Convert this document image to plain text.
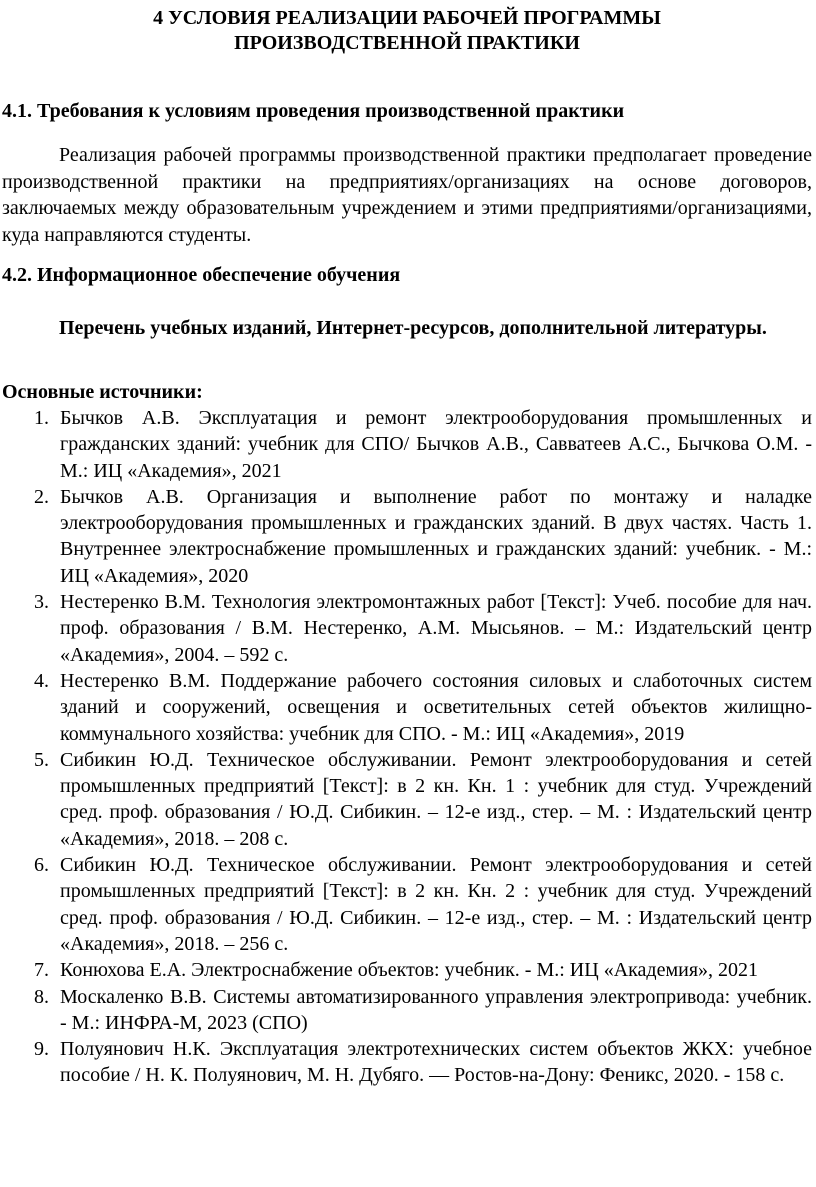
4 УСЛОВИЯ РЕАЛИЗАЦИИ РАБОЧЕЙ ПРОГРАММЫ
ПРОИЗВОДСТВЕННОЙ ПРАКТИКИ
4.1. Требования к условиям проведения производственной практики

Реализация рабочей программы производственной практики предполагает проведение производственной практики на предприятиях/организациях на основе договоров, заключаемых между образовательным учреждением и этими предприятиями/организациями, куда направляются студенты.

4.2. Информационное обеспечение обучения

Перечень учебных изданий, Интернет-ресурсов, дополнительной литературы.

Основные источники:

1. Бычков А.В. Эксплуатация и ремонт электрооборудования промышленных и гражданских зданий: учебник для СПО/ Бычков А.В., Савватеев А.С., Бычкова О.М. - М.: ИЦ «Академия», 2021
2. Бычков А.В. Организация и выполнение работ по монтажу и наладке электрооборудования промышленных и гражданских зданий. В двух частях. Часть 1. Внутреннее электроснабжение промышленных и гражданских зданий: учебник. - М.: ИЦ «Академия», 2020
3. Нестеренко В.М. Технология электромонтажных работ [Текст]: Учеб. пособие для нач. проф. образования / В.М. Нестеренко, А.М. Мысьянов. – М.: Издательский центр «Академия», 2004. – 592 с.
4. Нестеренко В.М. Поддержание рабочего состояния силовых и слаботочных систем зданий и сооружений, освещения и осветительных сетей объектов жилищно-коммунального хозяйства: учебник для СПО. - М.: ИЦ «Академия», 2019
5. Сибикин Ю.Д. Техническое обслуживании. Ремонт электрооборудования и сетей промышленных предприятий [Текст]: в 2 кн. Кн. 1 : учебник для студ. Учреждений сред. проф. образования / Ю.Д. Сибикин. – 12-е изд., стер. – М. : Издательский центр «Академия», 2018. – 208 с.
6. Сибикин Ю.Д. Техническое обслуживании. Ремонт электрооборудования и сетей промышленных предприятий [Текст]: в 2 кн. Кн. 2 : учебник для студ. Учреждений сред. проф. образования / Ю.Д. Сибикин. – 12-е изд., стер. – М. : Издательский центр «Академия», 2018. – 256 с.
7. Конюхова Е.А. Электроснабжение объектов: учебник. - М.: ИЦ «Академия», 2021
8. Москаленко В.В. Системы автоматизированного управления электропривода: учебник. - М.: ИНФРА-М, 2023 (СПО)
9. Полуянович Н.К. Эксплуатация электротехнических систем объектов ЖКХ: учебное пособие / Н. К. Полуянович, М. Н. Дубяго. — Ростов-на-Дону: Феникс, 2020. - 158 с.
